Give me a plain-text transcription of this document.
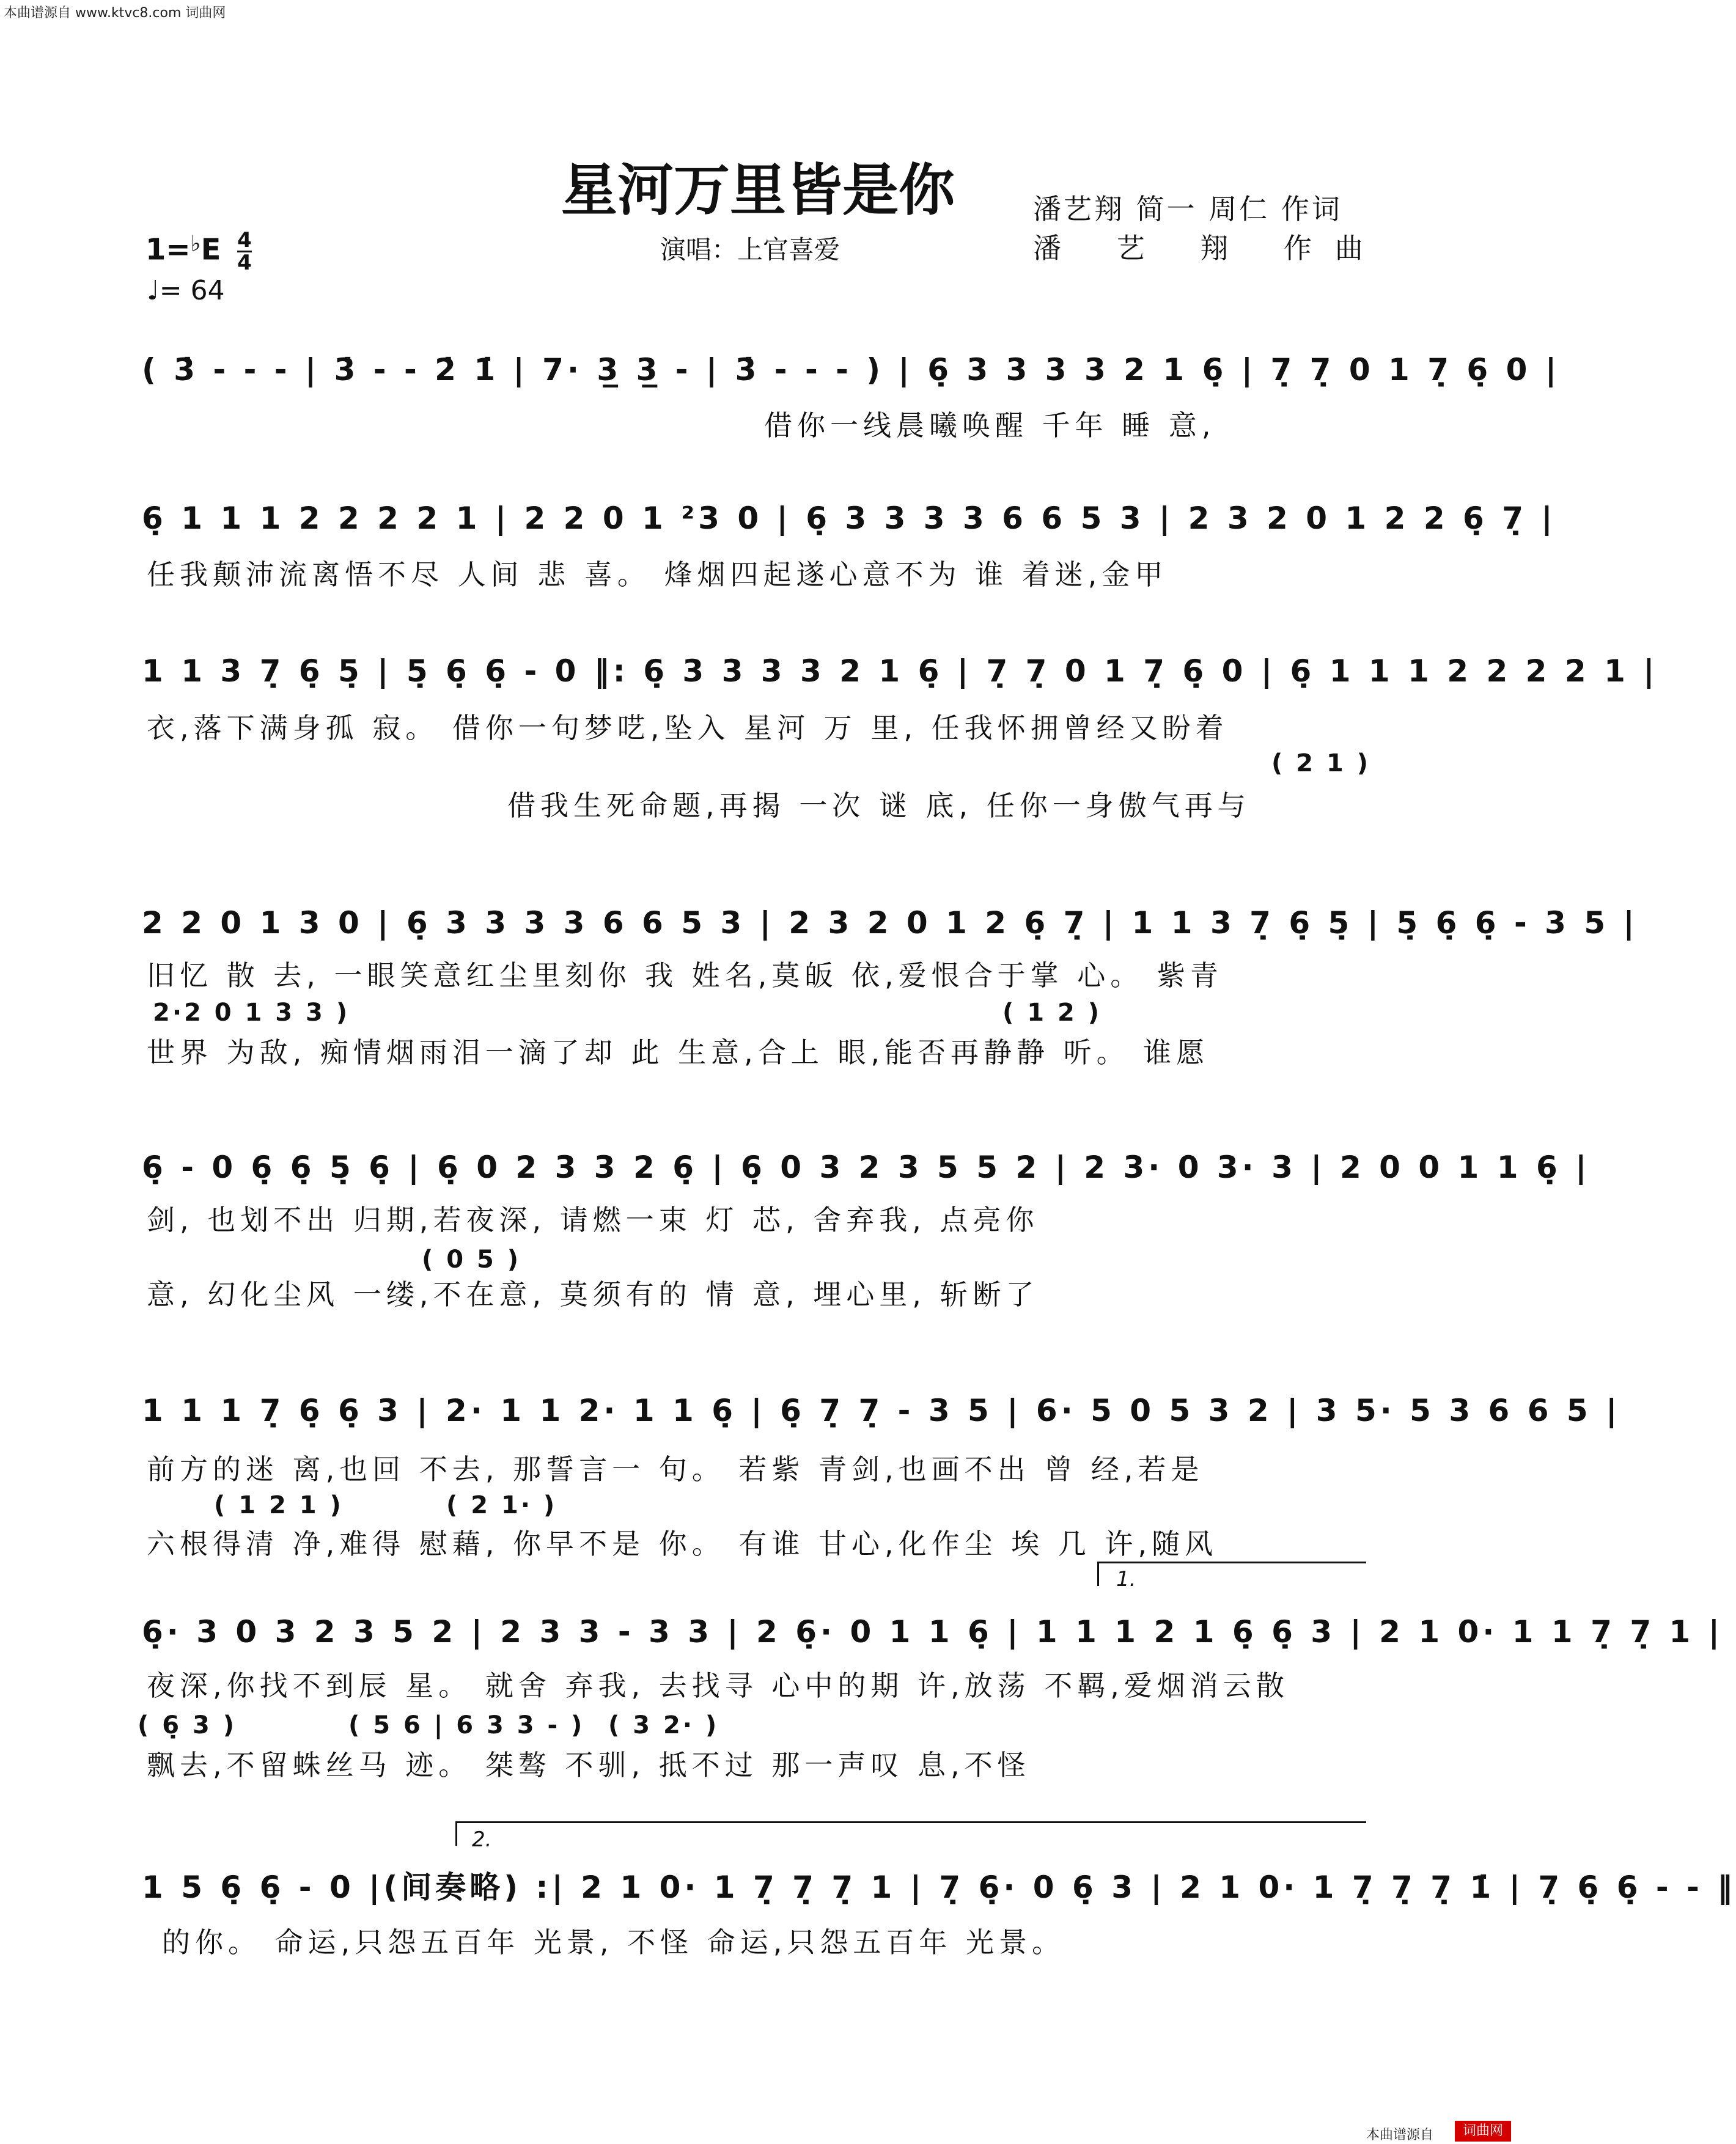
本曲谱源自 www.ktvc8.com 词曲网
星河万里皆是你	潘艺翔 简一 周仁 作词
潘 艺 翔 作曲
演唱：上官喜爱
$1=^♭E \frac{4}{4}$
♩= 64
( 3̇ - - - | 3̇ - - 2̇ 1̇ | 7· 3̲ 3̲ - | 3̇ - - - ) | 6̣ 3 3 3 3 2 1 6̣ | 7̣ 7̣ 0 1 7̣ 6̣ 0 |
借你一线晨曦唤醒 千年 睡 意,
6̣ 1 1 1 2 2 2 2 1 | 2 2 0 1 ²3 0 | 6̣ 3 3 3 3 6 6 5 3 | 2 3 2 0 1 2 2 6̣ 7̣ |
任我颠沛流离悟不尽 人间 悲 喜。 烽烟四起遂心意不为 谁 着迷,金甲
1 1 3 7̣ 6̣ 5̣ | 5̣ 6̣ 6̣ - 0 ‖: 6̣ 3 3 3 3 2 1 6̣ | 7̣ 7̣ 0 1 7̣ 6̣ 0 | 6̣ 1 1 1 2 2 2 2 1 |
衣,落下满身孤 寂。 借你一句梦呓,坠入 星河 万 里, 任我怀拥曾经又盼着
( 2 1 )
借我生死命题,再揭 一次 谜 底, 任你一身傲气再与
2 2 0 1 3 0 | 6̣ 3 3 3 3 6 6 5 3 | 2 3 2 0 1 2 6̣ 7̣ | 1 1 3 7̣ 6̣ 5̣ | 5̣ 6̣ 6̣ - 3 5 |
旧忆 散 去, 一眼笑意红尘里刻你 我 姓名,莫皈 依,爱恨合于掌 心。 紫青
2·2 0 1 3 3 )	( 1 2 )
世界 为敌, 痴情烟雨泪一滴了却 此 生意,合上 眼,能否再静静 听。 谁愿
6̣ - 0 6̣ 6̣ 5̣ 6̣ | 6̣ 0 2 3 3 2 6̣ | 6̣ 0 3 2 3 5 5 2 | 2 3· 0 3· 3 | 2 0 0 1 1 6̣ |
剑, 也划不出 归期,若夜深, 请燃一束 灯 芯, 舍弃我, 点亮你
( 0 5 )
意, 幻化尘风 一缕,不在意, 莫须有的 情 意, 埋心里, 斩断了
1 1 1 7̣ 6̣ 6̣ 3 | 2· 1 1 2· 1 1 6̣ | 6̣ 7̣ 7̣ - 3 5 | 6· 5 0 5 3 2 | 3 5· 5 3 6 6 5 |
前方的迷 离,也回 不去, 那誓言一 句。 若紫 青剑,也画不出 曾 经,若是
( 1 2 1 )	( 2 1· )
六根得清 净,难得 慰藉, 你早不是 你。 有谁 甘心,化作尘 埃 几 许,随风
1.
6̣· 3 0 3 2 3 5 2 | 2 3 3 - 3 3 | 2 6̣· 0 1 1 6̣ | 1 1 1 2 1 6̣ 6̣ 3 | 2 1 0· 1 1 7̣ 7̣ 1 |
夜深,你找不到辰 星。 就舍 弃我, 去找寻 心中的期 许,放荡 不羁,爱烟消云散
( 6̣ 3 )	( 5 6 | 6 3 3 - ) ( 3 2· )
飘去,不留蛛丝马 迹。 桀骜 不驯, 抵不过 那一声叹 息,不怪
2.
1 5 6̣ 6̣ - 0 |(间奏略) :| 2 1 0· 1 7̣ 7̣ 7̣ 1 | 7̣ 6̣· 0 6̣ 3 | 2 1 0· 1 7̣ 7̣ 7̣ 1̇ | 7̣ 6̣ 6̣ - - ‖
的你。 命运,只怨五百年 光景, 不怪 命运,只怨五百年 光景。
本曲谱源自	词曲网
